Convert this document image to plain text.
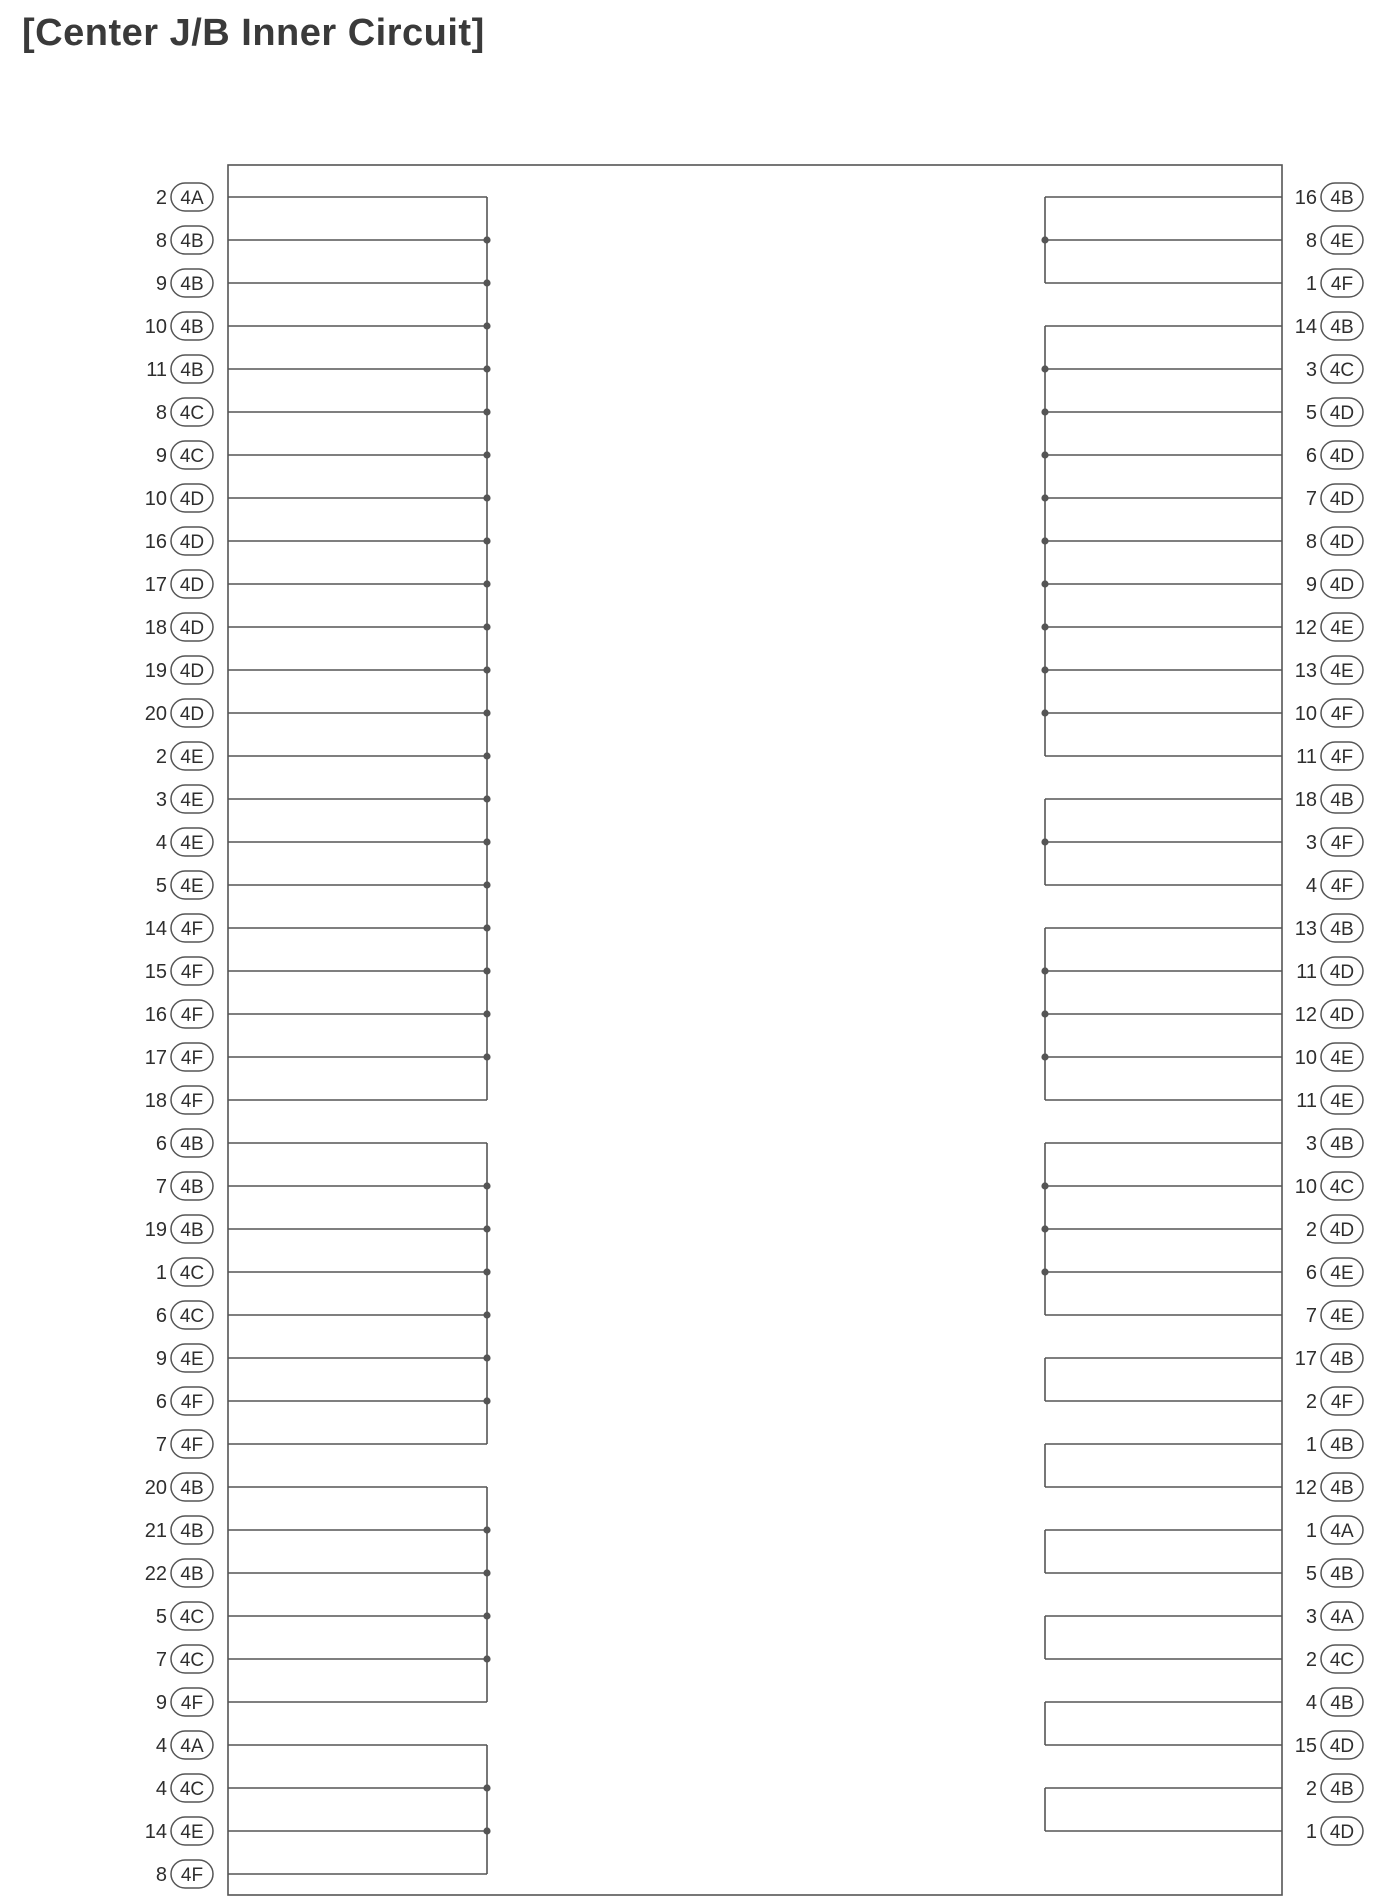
[Center J/B Inner Circuit]
2 4A
8 4B
9 4B
10 4B
11 4B
8 4C
9 4C
10 4D
16 4D
17 4D
18 4D
19 4D
20 4D
2 4E
3 4E
4 4E
5 4E
14 4F
15 4F
16 4F
17 4F
18 4F
6 4B
7 4B
19 4B
1 4C
6 4C
9 4E
6 4F
7 4F
20 4B
21 4B
22 4B
5 4C
7 4C
9 4F
4 4A
4 4C
14 4E
8 4F
16 4B
8 4E
1 4F
14 4B
3 4C
5 4D
6 4D
7 4D
8 4D
9 4D
12 4E
13 4E
10 4F
11 4F
18 4B
3 4F
4 4F
13 4B
11 4D
12 4D
10 4E
11 4E
3 4B
10 4C
2 4D
6 4E
7 4E
17 4B
2 4F
1 4B
12 4B
1 4A
5 4B
3 4A
2 4C
4 4B
15 4D
2 4B
1 4D
